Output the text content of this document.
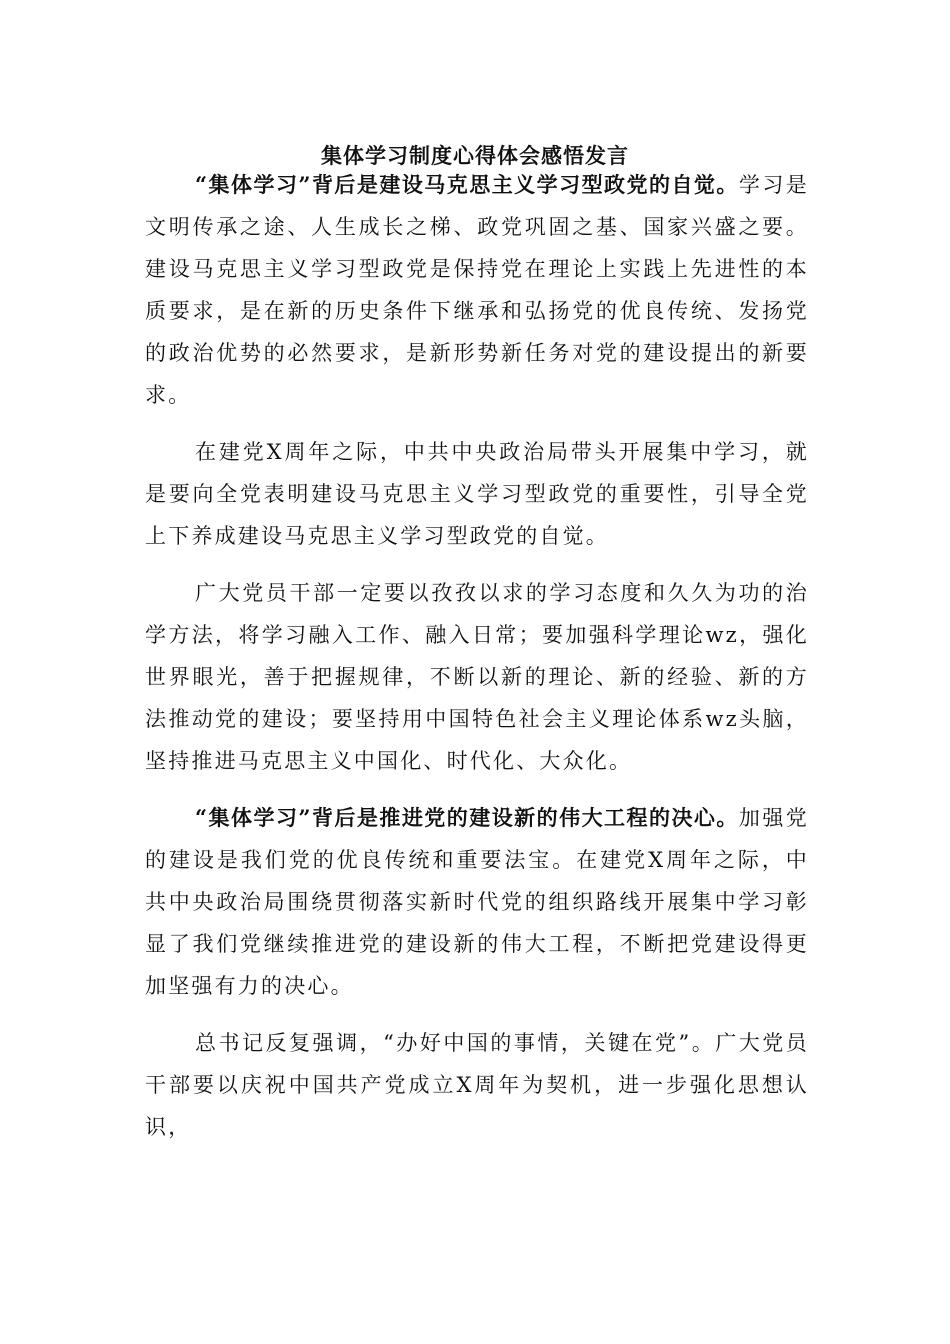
集体学习制度心得体会感悟发言

“集体学习”背后是建设马克思主义学习型政党的自觉。学习是文明传承之途、人生成长之梯、政党巩固之基、国家兴盛之要。建设马克思主义学习型政党是保持党在理论上实践上先进性的本质要求，是在新的历史条件下继承和弘扬党的优良传统、发扬党的政治优势的必然要求，是新形势新任务对党的建设提出的新要求。

在建党X周年之际，中共中央政治局带头开展集中学习，就是要向全党表明建设马克思主义学习型政党的重要性，引导全党上下养成建设马克思主义学习型政党的自觉。

广大党员干部一定要以孜孜以求的学习态度和久久为功的治学方法，将学习融入工作、融入日常；要加强科学理论wz，强化世界眼光，善于把握规律，不断以新的理论、新的经验、新的方法推动党的建设；要坚持用中国特色社会主义理论体系wz头脑，坚持推进马克思主义中国化、时代化、大众化。

“集体学习”背后是推进党的建设新的伟大工程的决心。加强党的建设是我们党的优良传统和重要法宝。在建党X周年之际，中共中央政治局围绕贯彻落实新时代党的组织路线开展集中学习彰显了我们党继续推进党的建设新的伟大工程，不断把党建设得更加坚强有力的决心。

总书记反复强调，“办好中国的事情，关键在党”。广大党员干部要以庆祝中国共产党成立X周年为契机，进一步强化思想认识，
